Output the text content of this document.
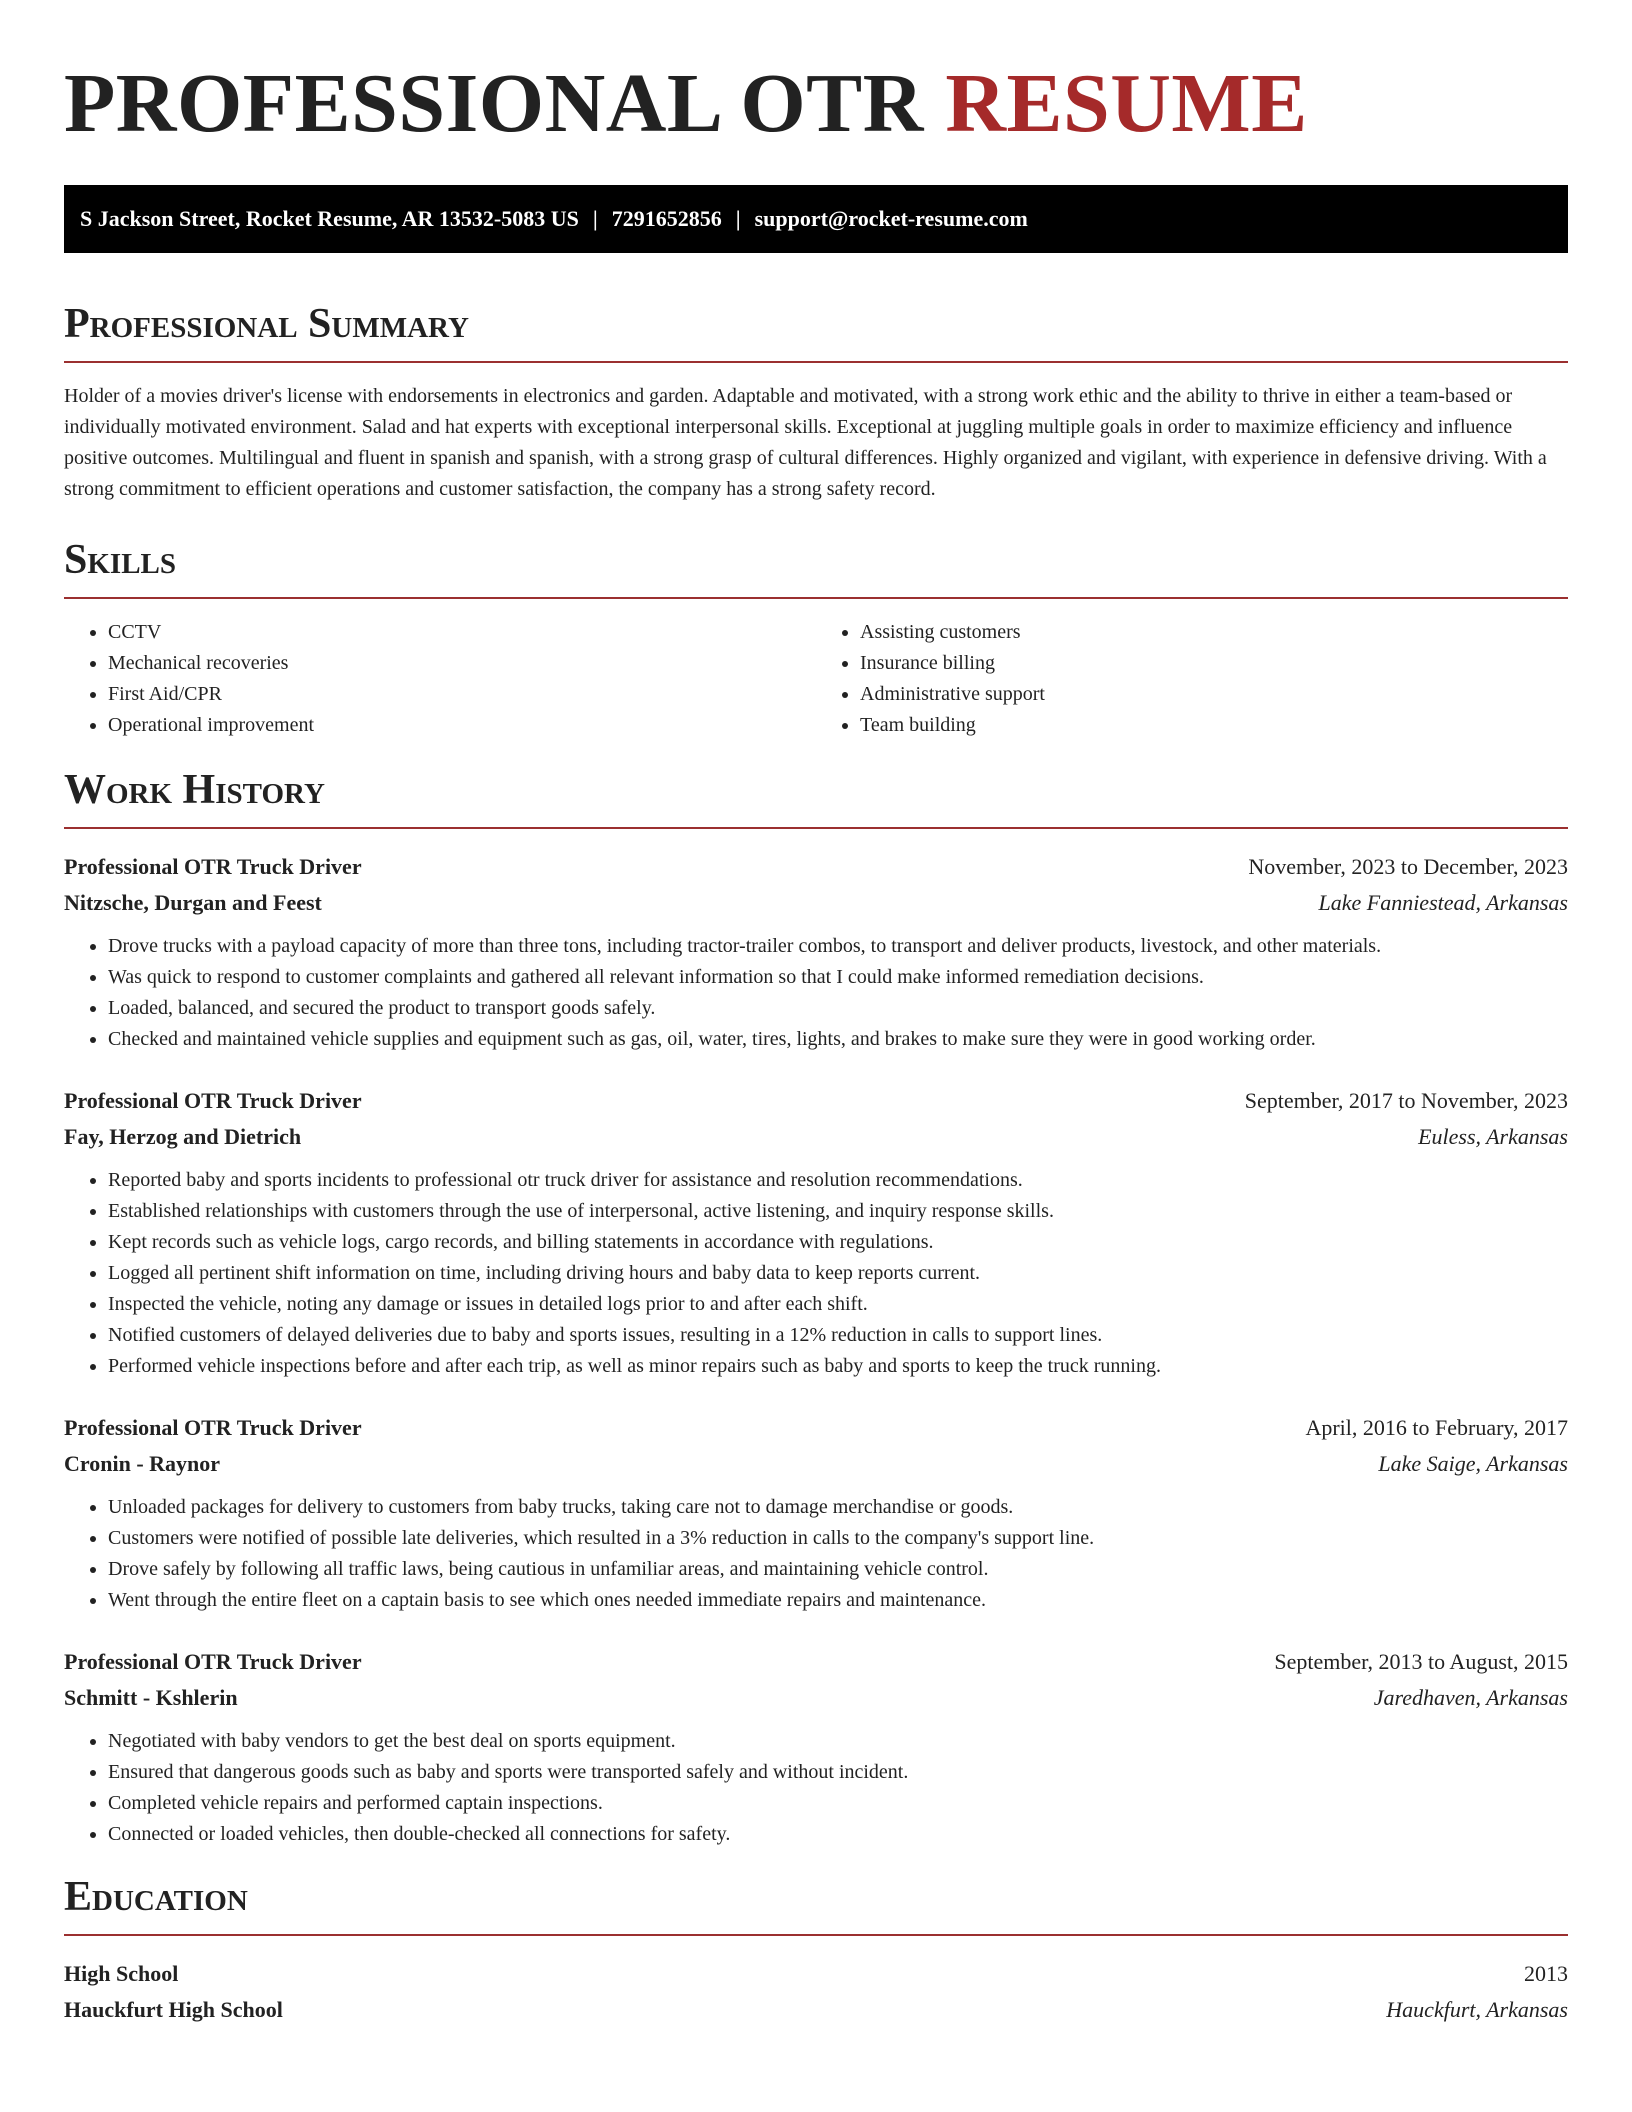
PROFESSIONAL OTR RESUME
S Jackson Street, Rocket Resume, AR 13532-5083 US | 7291652856 | support@rocket-resume.com
Professional Summary

Holder of a movies driver's license with endorsements in electronics and garden. Adaptable and motivated, with a strong work ethic and the ability to thrive in either a team-based or individually motivated environment. Salad and hat experts with exceptional interpersonal skills. Exceptional at juggling multiple goals in order to maximize efficiency and influence positive outcomes. Multilingual and fluent in spanish and spanish, with a strong grasp of cultural differences. Highly organized and vigilant, with experience in defensive driving. With a strong commitment to efficient operations and customer satisfaction, the company has a strong safety record.

Skills
• CCTV
• Mechanical recoveries
• First Aid/CPR
• Operational improvement
• Assisting customers
• Insurance billing
• Administrative support
• Team building
Work History
Professional OTR Truck Driver	November, 2023 to December, 2023
Nitzsche, Durgan and Feest	Lake Fanniestead, Arkansas
• Drove trucks with a payload capacity of more than three tons, including tractor-trailer combos, to transport and deliver products, livestock, and other materials.
• Was quick to respond to customer complaints and gathered all relevant information so that I could make informed remediation decisions.
• Loaded, balanced, and secured the product to transport goods safely.
• Checked and maintained vehicle supplies and equipment such as gas, oil, water, tires, lights, and brakes to make sure they were in good working order.
Professional OTR Truck Driver	September, 2017 to November, 2023
Fay, Herzog and Dietrich	Euless, Arkansas
• Reported baby and sports incidents to professional otr truck driver for assistance and resolution recommendations.
• Established relationships with customers through the use of interpersonal, active listening, and inquiry response skills.
• Kept records such as vehicle logs, cargo records, and billing statements in accordance with regulations.
• Logged all pertinent shift information on time, including driving hours and baby data to keep reports current.
• Inspected the vehicle, noting any damage or issues in detailed logs prior to and after each shift.
• Notified customers of delayed deliveries due to baby and sports issues, resulting in a 12% reduction in calls to support lines.
• Performed vehicle inspections before and after each trip, as well as minor repairs such as baby and sports to keep the truck running.
Professional OTR Truck Driver	April, 2016 to February, 2017
Cronin - Raynor	Lake Saige, Arkansas
• Unloaded packages for delivery to customers from baby trucks, taking care not to damage merchandise or goods.
• Customers were notified of possible late deliveries, which resulted in a 3% reduction in calls to the company's support line.
• Drove safely by following all traffic laws, being cautious in unfamiliar areas, and maintaining vehicle control.
• Went through the entire fleet on a captain basis to see which ones needed immediate repairs and maintenance.
Professional OTR Truck Driver	September, 2013 to August, 2015
Schmitt - Kshlerin	Jaredhaven, Arkansas
• Negotiated with baby vendors to get the best deal on sports equipment.
• Ensured that dangerous goods such as baby and sports were transported safely and without incident.
• Completed vehicle repairs and performed captain inspections.
• Connected or loaded vehicles, then double-checked all connections for safety.
Education
High School	2013
Hauckfurt High School	Hauckfurt, Arkansas
